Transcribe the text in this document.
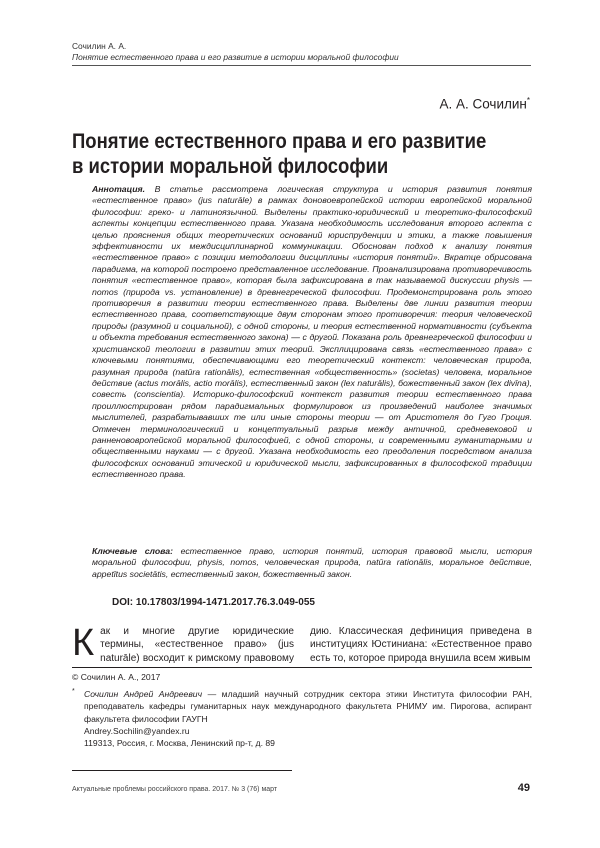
Сочилин А. А.
Понятие естественного права и его развитие в истории моральной философии
А. А. Сочилин*
Понятие естественного права и его развитие
в истории моральной философии
Аннотация. В статье рассмотрена логическая структура и история развития понятия «естественное право» (jus naturāle) в рамках доновоевропейской истории европейской моральной философии: греко- и латиноязычной. Выделены практико-юридический и теоретико-философский аспекты концепции естественного права. Указана необходимость исследования второго аспекта с целью прояснения общих теоретических оснований юриспруденции и этики, а также повышения эффективности их междисциплинарной коммуникации. Обоснован подход к анализу понятия «естественное право» с позиции методологии дисциплины «история понятий». Вкратце обрисована парадигма, на которой построено представленное исследование. Проанализирована противоречивость понятия «естественное право», которая была зафиксирована в так называемой дискуссии physis — nomos (природа vs. установление) в древнегреческой философии. Продемонстрирована роль этого противоречия в развитии теории естественного права. Выделены две линии развития теории естественного права, соответствующие двум сторонам этого противоречия: теория человеческой природы (разумной и социальной), с одной стороны, и теория естественной нормативности (субъекта и объекта требования естественного закона) — с другой. Показана роль древнегреческой философии и христианской теологии в развитии этих теорий. Эксплицирована связь «естественного права» с ключевыми понятиями, обеспечивающими его теоретический контекст: человеческая природа, разумная природа (natūra rationālis), естественная «общественность» (societas) человека, моральное действие (actus morālis, actio morālis), естественный закон (lex naturālis), божественный закон (lex divīna), совесть (conscientia). Историко-философский контекст развития теории естественного права проиллюстрирован рядом парадигмальных формулировок из произведений наиболее значимых мыслителей, разрабатывавших те или иные стороны теории — от Аристотеля до Гуго Гроция. Отмечен терминологический и концептуальный разрыв между античной, средневековой и ранненововропейской моральной философией, с одной стороны, и современными гуманитарными и общественными науками — с другой. Указана необходимость его преодоления посредством анализа философских оснований этической и юридической мысли, зафиксированных в философской традиции естественного права.
Ключевые слова: естественное право, история понятий, история правовой мысли, история моральной философии, physis, nomos, человеческая природа, natūra rationālis, моральное действие, appetītus societātis, естественный закон, божественный закон.
DOI: 10.17803/1994-1471.2017.76.3.049-055
Как и многие другие юридические термины, «естественное право» (jus naturāle) восходит к римскому правовому
дию. Классическая дефиниция приведена в институциях Юстиниана: «Естественное право есть то, которое природа внушила всем живым
© Сочилин А. А., 2017
*	Сочилин Андрей Андреевич — младший научный сотрудник сектора этики Института философии РАН, преподаватель кафедры гуманитарных наук международного факультета РНИМУ им. Пирогова, аспирант факультета философии ГАУГН
Andrey.Sochilin@yandex.ru
119313, Россия, г. Москва, Ленинский пр-т, д. 89
Актуальные проблемы российского права. 2017. № 3 (76) март	49
